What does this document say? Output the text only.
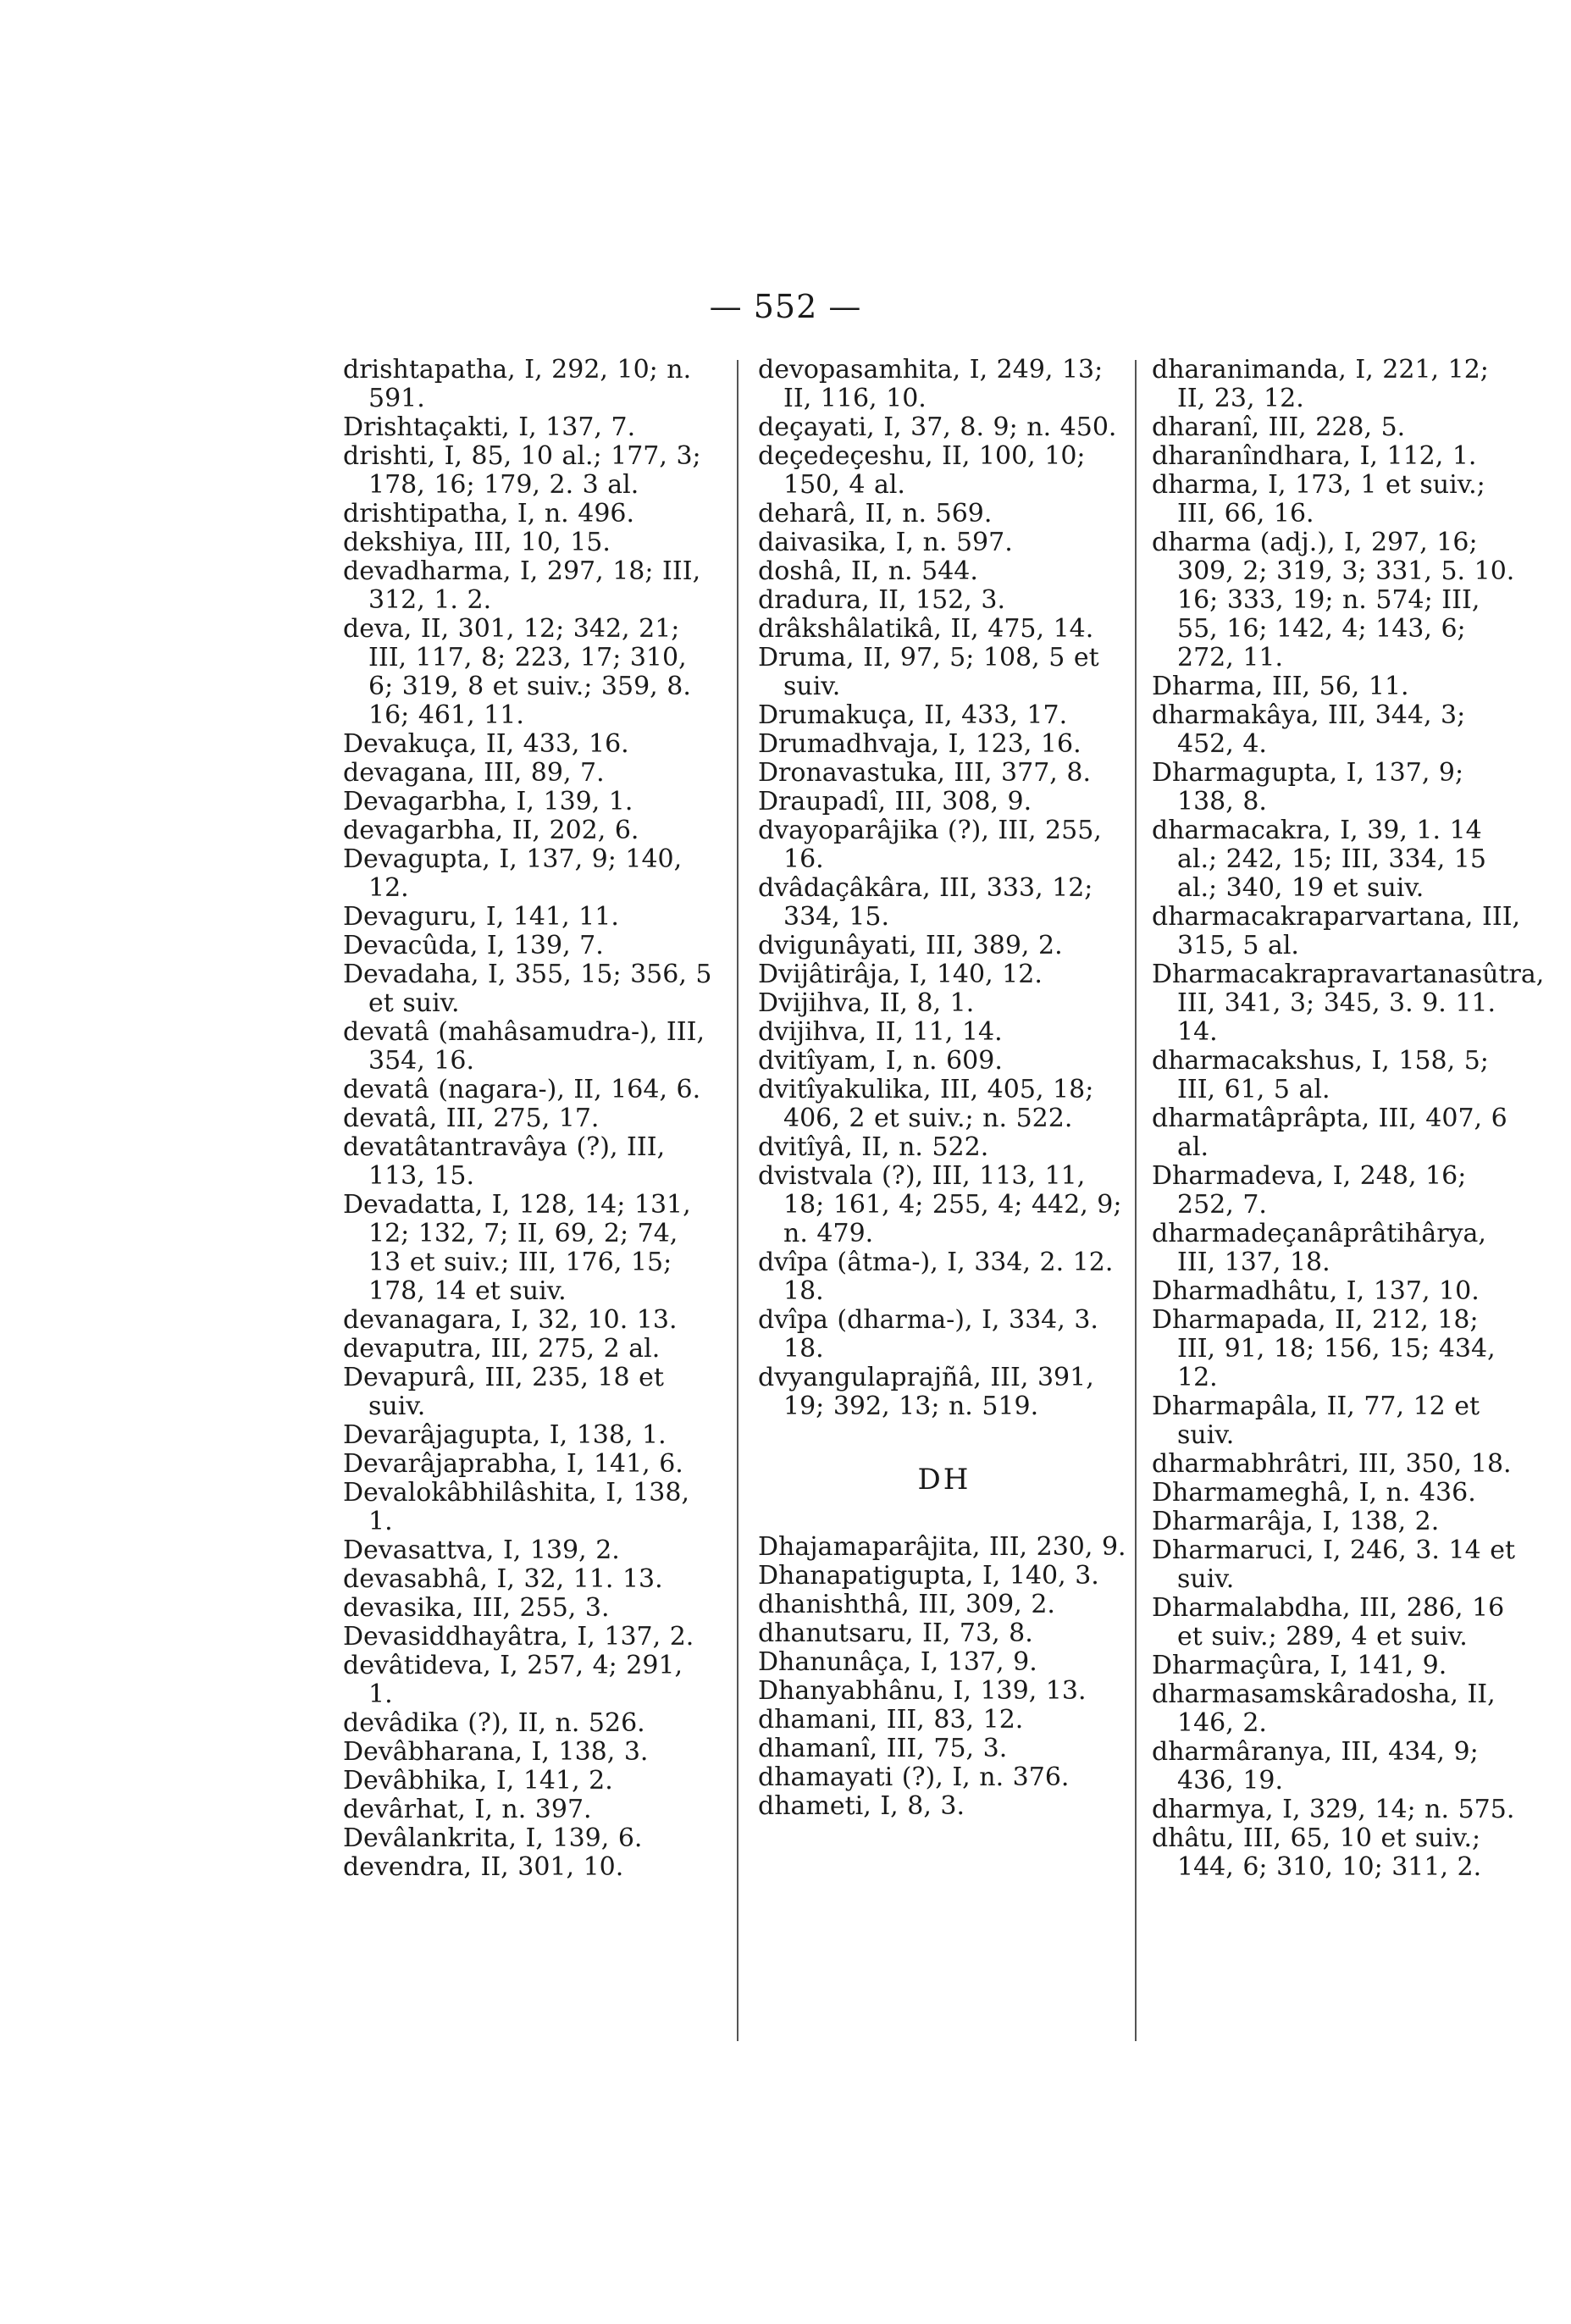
— 552 —

drishtapatha, I, 292, 10; n. 591.

Drishtaçakti, I, 137, 7.

drishti, I, 85, 10 al.; 177, 3; 178, 16; 179, 2. 3 al.

drishtipatha, I, n. 496.

dekshiya, III, 10, 15.

devadharma, I, 297, 18; III, 312, 1. 2.

deva, II, 301, 12; 342, 21; III, 117, 8; 223, 17; 310, 6; 319, 8 et suiv.; 359, 8. 16; 461, 11.

Devakuça, II, 433, 16.

devagana, III, 89, 7.

Devagarbha, I, 139, 1.

devagarbha, II, 202, 6.

Devagupta, I, 137, 9; 140, 12.

Devaguru, I, 141, 11.

Devacûda, I, 139, 7.

Devadaha, I, 355, 15; 356, 5 et suiv.

devatâ (mahâsamudra-), III, 354, 16.

devatâ (nagara-), II, 164, 6.

devatâ, III, 275, 17.

devatâtantravâya (?), III, 113, 15.

Devadatta, I, 128, 14; 131, 12; 132, 7; II, 69, 2; 74, 13 et suiv.; III, 176, 15; 178, 14 et suiv.

devanagara, I, 32, 10. 13.

devaputra, III, 275, 2 al.

Devapurâ, III, 235, 18 et suiv.

Devarâjagupta, I, 138, 1.

Devarâjaprabha, I, 141, 6.

Devalokâbhilâshita, I, 138, 1.

Devasattva, I, 139, 2.

devasabhâ, I, 32, 11. 13.

devasika, III, 255, 3.

Devasiddhayâtra, I, 137, 2.

devâtideva, I, 257, 4; 291, 1.

devâdika (?), II, n. 526.

Devâbharana, I, 138, 3.

Devâbhika, I, 141, 2.

devârhat, I, n. 397.

Devâlankrita, I, 139, 6.

devendra, II, 301, 10.

devopasamhita, I, 249, 13; II, 116, 10.

deçayati, I, 37, 8. 9; n. 450.

deçedeçeshu, II, 100, 10; 150, 4 al.

deharâ, II, n. 569.

daivasika, I, n. 597.

doshâ, II, n. 544.

dradura, II, 152, 3.

drâkshâlatikâ, II, 475, 14.

Druma, II, 97, 5; 108, 5 et suiv.

Drumakuça, II, 433, 17.

Drumadhvaja, I, 123, 16.

Dronavastuka, III, 377, 8.

Draupadî, III, 308, 9.

dvayoparâjika (?), III, 255, 16.

dvâdaçâkâra, III, 333, 12; 334, 15.

dvigunâyati, III, 389, 2.

Dvijâtirâja, I, 140, 12.

Dvijihva, II, 8, 1.

dvijihva, II, 11, 14.

dvitîyam, I, n. 609.

dvitîyakulika, III, 405, 18; 406, 2 et suiv.; n. 522.

dvitîyâ, II, n. 522.

dvistvala (?), III, 113, 11, 18; 161, 4; 255, 4; 442, 9; n. 479.

dvîpa (âtma-), I, 334, 2. 12. 18.

dvîpa (dharma-), I, 334, 3. 18.

dvyangulaprajñâ, III, 391, 19; 392, 13; n. 519.

DH

Dhajamaparâjita, III, 230, 9.

Dhanapatigupta, I, 140, 3.

dhanishthâ, III, 309, 2.

dhanutsaru, II, 73, 8.

Dhanunâça, I, 137, 9.

Dhanyabhânu, I, 139, 13.

dhamani, III, 83, 12.

dhamanî, III, 75, 3.

dhamayati (?), I, n. 376.

dhameti, I, 8, 3.

dharanimanda, I, 221, 12; II, 23, 12.

dharanî, III, 228, 5.

dharanîndhara, I, 112, 1.

dharma, I, 173, 1 et suiv.; III, 66, 16.

dharma (adj.), I, 297, 16; 309, 2; 319, 3; 331, 5. 10. 16; 333, 19; n. 574; III, 55, 16; 142, 4; 143, 6; 272, 11.

Dharma, III, 56, 11.

dharmakâya, III, 344, 3; 452, 4.

Dharmagupta, I, 137, 9; 138, 8.

dharmacakra, I, 39, 1. 14 al.; 242, 15; III, 334, 15 al.; 340, 19 et suiv.

dharmacakraparvartana, III, 315, 5 al.

Dharmacakrapravartanasûtra, III, 341, 3; 345, 3. 9. 11. 14.

dharmacakshus, I, 158, 5; III, 61, 5 al.

dharmatâprâpta, III, 407, 6 al.

Dharmadeva, I, 248, 16; 252, 7.

dharmadeçanâprâtihârya, III, 137, 18.

Dharmadhâtu, I, 137, 10.

Dharmapada, II, 212, 18; III, 91, 18; 156, 15; 434, 12.

Dharmapâla, II, 77, 12 et suiv.

dharmabhrâtri, III, 350, 18.

Dharmameghâ, I, n. 436.

Dharmarâja, I, 138, 2.

Dharmaruci, I, 246, 3. 14 et suiv.

Dharmalabdha, III, 286, 16 et suiv.; 289, 4 et suiv.

Dharmaçûra, I, 141, 9.

dharmasamskâradosha, II, 146, 2.

dharmâranya, III, 434, 9; 436, 19.

dharmya, I, 329, 14; n. 575.

dhâtu, III, 65, 10 et suiv.; 144, 6; 310, 10; 311, 2.
